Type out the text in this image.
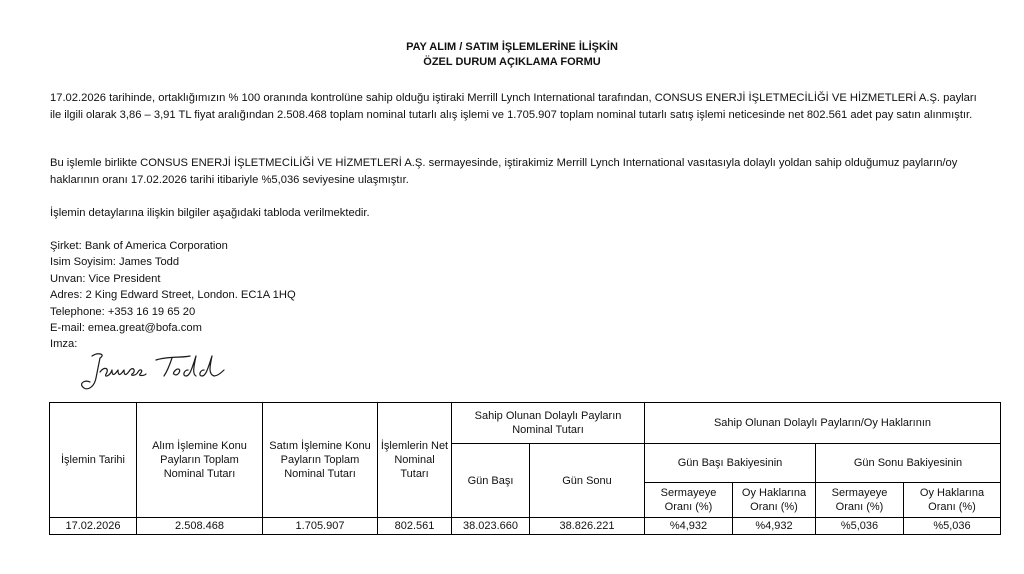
PAY ALIM / SATIM İŞLEMLERİNE İLİŞKİN
ÖZEL DURUM AÇIKLAMA FORMU
17.02.2026 tarihinde, ortaklığımızın % 100 oranında kontrolüne sahip olduğu iştiraki Merrill Lynch International tarafından, CONSUS ENERJİ İŞLETMECİLİĞİ VE HİZMETLERİ A.Ş. payları ile ilgili olarak 3,86 – 3,91 TL fiyat aralığından 2.508.468 toplam nominal tutarlı alış işlemi ve 1.705.907 toplam nominal tutarlı satış işlemi neticesinde net 802.561 adet pay satın alınmıştır.
Bu işlemle birlikte CONSUS ENERJİ İŞLETMECİLİĞİ VE HİZMETLERİ A.Ş. sermayesinde, iştirakimiz Merrill Lynch International vasıtasıyla dolaylı yoldan sahip olduğumuz payların/oy haklarının oranı 17.02.2026 tarihi itibariyle %5,036 seviyesine ulaşmıştır.
İşlemin detaylarına ilişkin bilgiler aşağıdaki tabloda verilmektedir.
Şirket: Bank of America Corporation
Isim Soyisim: James Todd
Unvan: Vice President
Adres: 2 King Edward Street, London. EC1A 1HQ
Telephone: +353 16 19 65 20
E-mail: emea.great@bofa.com
Imza:
İşlemin Tarihi	Alım İşlemine Konu Payların Toplam Nominal Tutarı	Satım İşlemine Konu Payların Toplam Nominal Tutarı	İşlemlerin Net Nominal Tutarı	Sahip Olunan Dolaylı Payların Nominal Tutarı		Sahip Olunan Dolaylı Payların/Oy Haklarının			
				Gün Başı	Gün Sonu	Gün Başı Bakiyesinin		Gün Sonu Bakiyesinin	
						Sermayeye Oranı (%)	Oy Haklarına Oranı (%)	Sermayeye Oranı (%)	Oy Haklarına Oranı (%)
17.02.2026	2.508.468	1.705.907	802.561	38.023.660	38.826.221	%4,932	%4,932	%5,036	%5,036
